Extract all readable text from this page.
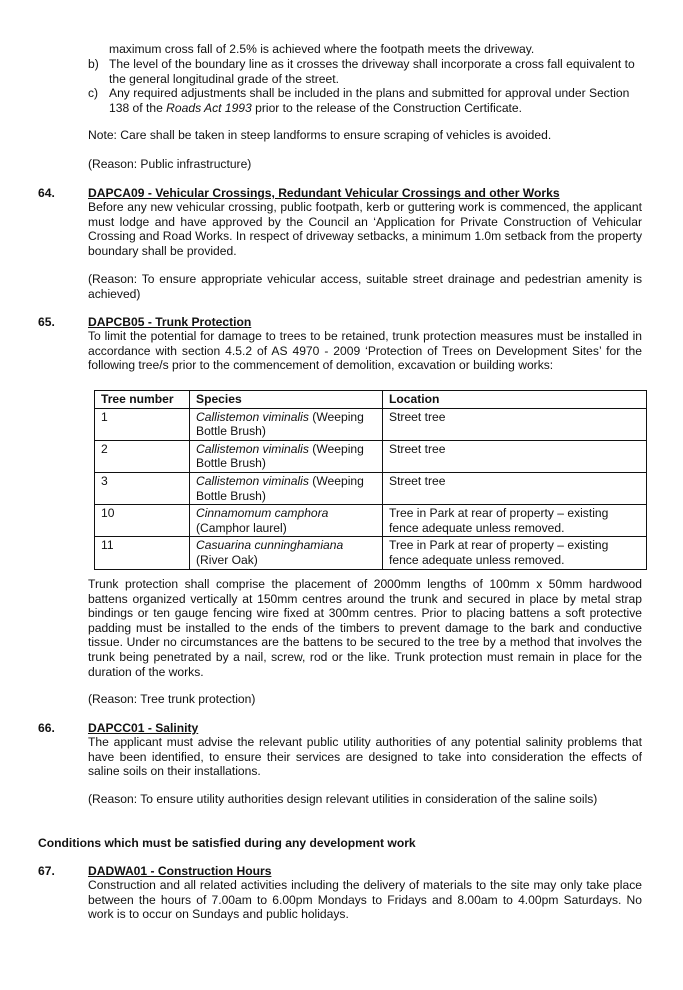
maximum cross fall of 2.5% is achieved where the footpath meets the driveway.
b) The level of the boundary line as it crosses the driveway shall incorporate a cross fall equivalent to the general longitudinal grade of the street.
c) Any required adjustments shall be included in the plans and submitted for approval under Section 138 of the Roads Act 1993 prior to the release of the Construction Certificate.
Note: Care shall be taken in steep landforms to ensure scraping of vehicles is avoided.
(Reason: Public infrastructure)
64.	DAPCA09 - Vehicular Crossings, Redundant Vehicular Crossings and other Works
Before any new vehicular crossing, public footpath, kerb or guttering work is commenced, the applicant must lodge and have approved by the Council an ‘Application for Private Construction of Vehicular Crossing and Road Works. In respect of driveway setbacks, a minimum 1.0m setback from the property boundary shall be provided.
(Reason: To ensure appropriate vehicular access, suitable street drainage and pedestrian amenity is achieved)
65.	DAPCB05 - Trunk Protection
To limit the potential for damage to trees to be retained, trunk protection measures must be installed in accordance with section 4.5.2 of AS 4970 - 2009 ‘Protection of Trees on Development Sites’ for the following tree/s prior to the commencement of demolition, excavation or building works:
Tree number	Species	Location
1	Callistemon viminalis (Weeping Bottle Brush)	Street tree
2	Callistemon viminalis (Weeping Bottle Brush)	Street tree
3	Callistemon viminalis (Weeping Bottle Brush)	Street tree
10	Cinnamomum camphora (Camphor laurel)	Tree in Park at rear of property – existing fence adequate unless removed.
11	Casuarina cunninghamiana (River Oak)	Tree in Park at rear of property – existing fence adequate unless removed.
Trunk protection shall comprise the placement of 2000mm lengths of 100mm x 50mm hardwood battens organized vertically at 150mm centres around the trunk and secured in place by metal strap bindings or ten gauge fencing wire fixed at 300mm centres. Prior to placing battens a soft protective padding must be installed to the ends of the timbers to prevent damage to the bark and conductive tissue. Under no circumstances are the battens to be secured to the tree by a method that involves the trunk being penetrated by a nail, screw, rod or the like. Trunk protection must remain in place for the duration of the works.
(Reason: Tree trunk protection)
66.	DAPCC01 - Salinity
The applicant must advise the relevant public utility authorities of any potential salinity problems that have been identified, to ensure their services are designed to take into consideration the effects of saline soils on their installations.
(Reason: To ensure utility authorities design relevant utilities in consideration of the saline soils)
Conditions which must be satisfied during any development work
67.	DADWA01 - Construction Hours
Construction and all related activities including the delivery of materials to the site may only take place between the hours of 7.00am to 6.00pm Mondays to Fridays and 8.00am to 4.00pm Saturdays. No work is to occur on Sundays and public holidays.
